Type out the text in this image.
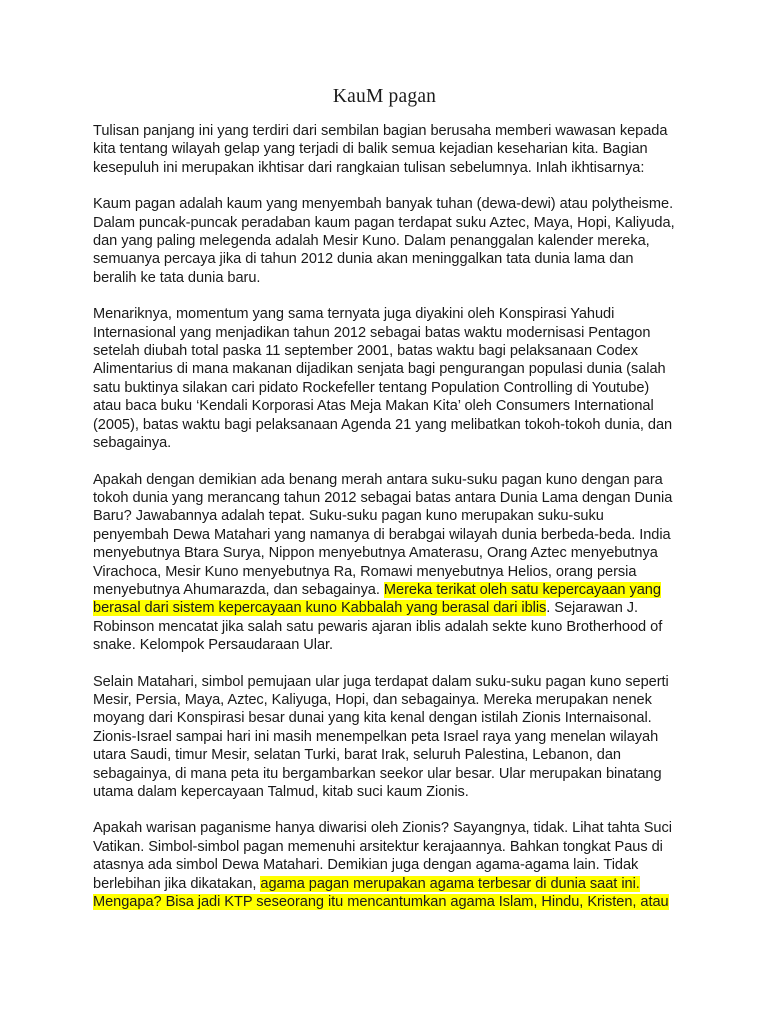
KauM pagan

Tulisan panjang ini yang terdiri dari sembilan bagian berusaha memberi wawasan kepada kita tentang wilayah gelap yang terjadi di balik semua kejadian keseharian kita. Bagian kesepuluh ini merupakan ikhtisar dari rangkaian tulisan sebelumnya. Inlah ikhtisarnya:

Kaum pagan adalah kaum yang menyembah banyak tuhan (dewa-dewi) atau polytheisme. Dalam puncak-puncak peradaban kaum pagan terdapat suku Aztec, Maya, Hopi, Kaliyuda, dan yang paling melegenda adalah Mesir Kuno. Dalam penanggalan kalender mereka, semuanya percaya jika di tahun 2012 dunia akan meninggalkan tata dunia lama dan beralih ke tata dunia baru.

Menariknya, momentum yang sama ternyata juga diyakini oleh Konspirasi Yahudi Internasional yang menjadikan tahun 2012 sebagai batas waktu modernisasi Pentagon setelah diubah total paska 11 september 2001, batas waktu bagi pelaksanaan Codex Alimentarius di mana makanan dijadikan senjata bagi pengurangan populasi dunia (salah satu buktinya silakan cari pidato Rockefeller tentang Population Controlling di Youtube) atau baca buku ‘Kendali Korporasi Atas Meja Makan Kita’ oleh Consumers International (2005), batas waktu bagi pelaksanaan Agenda 21 yang melibatkan tokoh-tokoh dunia, dan sebagainya.

Apakah dengan demikian ada benang merah antara suku-suku pagan kuno dengan para tokoh dunia yang merancang tahun 2012 sebagai batas antara Dunia Lama dengan Dunia Baru? Jawabannya adalah tepat. Suku-suku pagan kuno merupakan suku-suku penyembah Dewa Matahari yang namanya di berabgai wilayah dunia berbeda-beda. India menyebutnya Btara Surya, Nippon menyebutnya Amaterasu, Orang Aztec menyebutnya Virachoca, Mesir Kuno menyebutnya Ra, Romawi menyebutnya Helios, orang persia menyebutnya Ahumarazda, dan sebagainya. Mereka terikat oleh satu kepercayaan yang berasal dari sistem kepercayaan kuno Kabbalah yang berasal dari iblis. Sejarawan J. Robinson mencatat jika salah satu pewaris ajaran iblis adalah sekte kuno Brotherhood of snake. Kelompok Persaudaraan Ular.

Selain Matahari, simbol pemujaan ular juga terdapat dalam suku-suku pagan kuno seperti Mesir, Persia, Maya, Aztec, Kaliyuga, Hopi, dan sebagainya. Mereka merupakan nenek moyang dari Konspirasi besar dunai yang kita kenal dengan istilah Zionis Internaisonal. Zionis-Israel sampai hari ini masih menempelkan peta Israel raya yang menelan wilayah utara Saudi, timur Mesir, selatan Turki, barat Irak, seluruh Palestina, Lebanon, dan sebagainya, di mana peta itu bergambarkan seekor ular besar. Ular merupakan binatang utama dalam kepercayaan Talmud, kitab suci kaum Zionis.

Apakah warisan paganisme hanya diwarisi oleh Zionis? Sayangnya, tidak. Lihat tahta Suci Vatikan. Simbol-simbol pagan memenuhi arsitektur kerajaannya. Bahkan tongkat Paus di atasnya ada simbol Dewa Matahari. Demikian juga dengan agama-agama lain. Tidak berlebihan jika dikatakan, agama pagan merupakan agama terbesar di dunia saat ini. Mengapa? Bisa jadi KTP seseorang itu mencantumkan agama Islam, Hindu, Kristen, atau
